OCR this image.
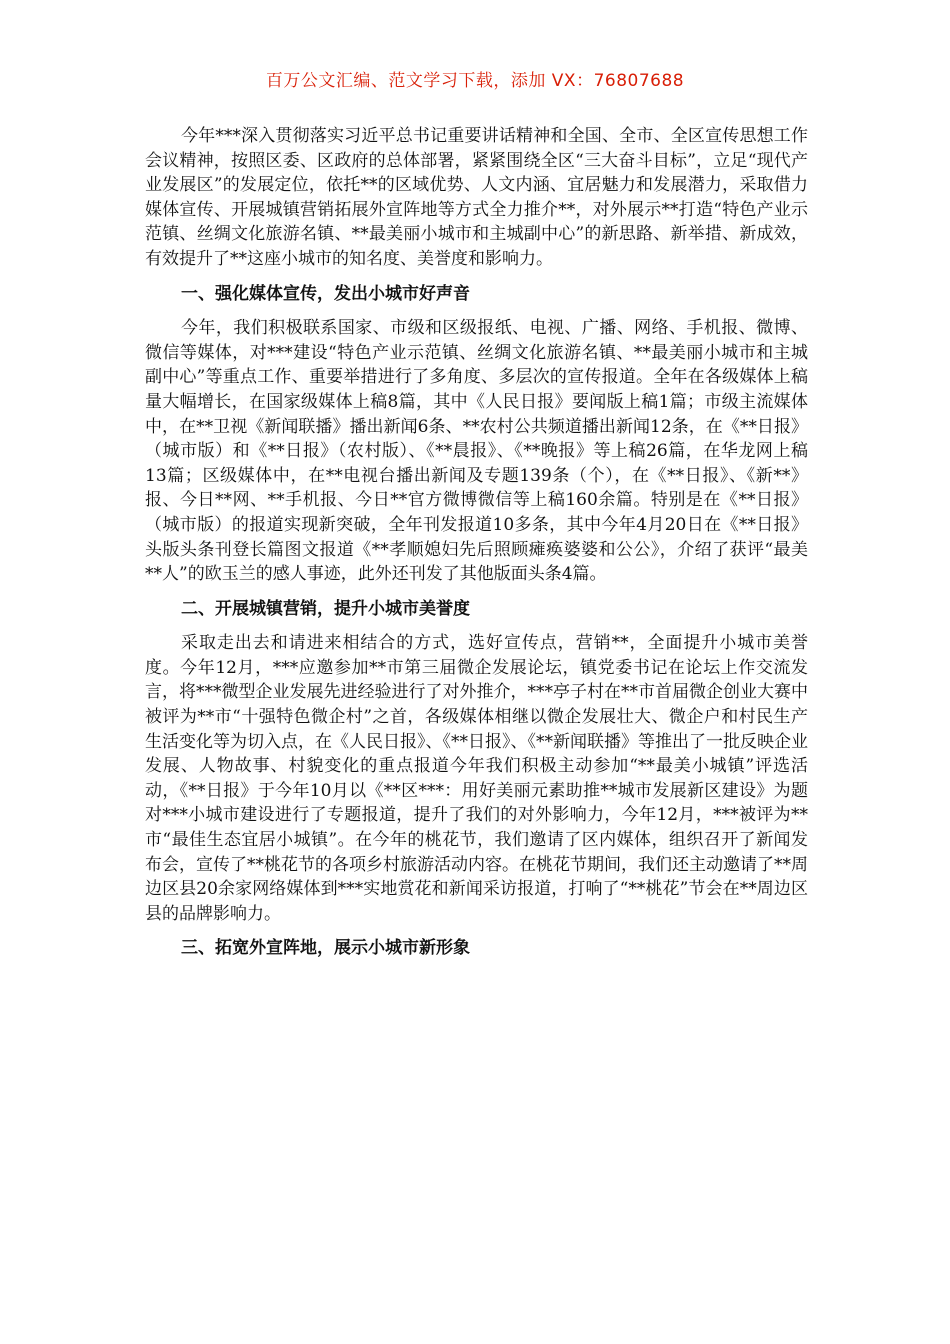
百万公文汇编、范文学习下载，添加 VX：76807688

今年***深入贯彻落实习近平总书记重要讲话精神和全国、全市、全区宣传思想工作会议精神，按照区委、区政府的总体部署，紧紧围绕全区“三大奋斗目标”，立足“现代产业发展区”的发展定位，依托**的区域优势、人文内涵、宜居魅力和发展潜力，采取借力媒体宣传、开展城镇营销拓展外宣阵地等方式全力推介**，对外展示**打造“特色产业示范镇、丝绸文化旅游名镇、**最美丽小城市和主城副中心”的新思路、新举措、新成效，有效提升了**这座小城市的知名度、美誉度和影响力。

一、强化媒体宣传，发出小城市好声音

今年，我们积极联系国家、市级和区级报纸、电视、广播、网络、手机报、微博、微信等媒体，对***建设“特色产业示范镇、丝绸文化旅游名镇、**最美丽小城市和主城副中心”等重点工作、重要举措进行了多角度、多层次的宣传报道。全年在各级媒体上稿量大幅增长，在国家级媒体上稿8篇，其中《人民日报》要闻版上稿1篇；市级主流媒体中，在**卫视《新闻联播》播出新闻6条、**农村公共频道播出新闻12条，在《**日报》（城市版）和《**日报》（农村版）、《**晨报》、《**晚报》等上稿26篇，在华龙网上稿13篇；区级媒体中，在**电视台播出新闻及专题139条（个），在《**日报》、《新**》报、今日**网、**手机报、今日**官方微博微信等上稿160余篇。特别是在《**日报》（城市版）的报道实现新突破，全年刊发报道10多条，其中今年4月20日在《**日报》头版头条刊登长篇图文报道《**孝顺媳妇先后照顾瘫痪婆婆和公公》，介绍了获评“最美**人”的欧玉兰的感人事迹，此外还刊发了其他版面头条4篇。

二、开展城镇营销，提升小城市美誉度

采取走出去和请进来相结合的方式，选好宣传点，营销**，全面提升小城市美誉度。今年12月，***应邀参加**市第三届微企发展论坛，镇党委书记在论坛上作交流发言，将***微型企业发展先进经验进行了对外推介，***亭子村在**市首届微企创业大赛中被评为**市“十强特色微企村”之首，各级媒体相继以微企发展壮大、微企户和村民生产生活变化等为切入点，在《人民日报》、《**日报》、《**新闻联播》等推出了一批反映企业发展、人物故事、村貌变化的重点报道今年我们积极主动参加“**最美小城镇”评选活动，《**日报》于今年10月以《**区***：用好美丽元素助推**城市发展新区建设》为题对***小城市建设进行了专题报道，提升了我们的对外影响力，今年12月，***被评为**市“最佳生态宜居小城镇”。在今年的桃花节，我们邀请了区内媒体，组织召开了新闻发布会，宣传了**桃花节的各项乡村旅游活动内容。在桃花节期间，我们还主动邀请了**周边区县20余家网络媒体到***实地赏花和新闻采访报道，打响了“**桃花”节会在**周边区县的品牌影响力。

三、拓宽外宣阵地，展示小城市新形象
